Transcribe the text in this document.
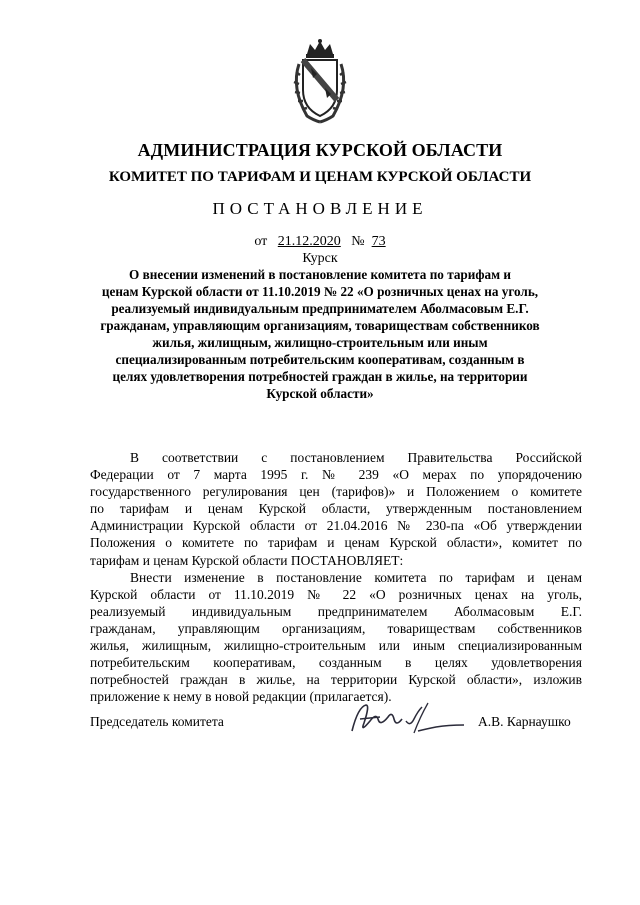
АДМИНИСТРАЦИЯ КУРСКОЙ ОБЛАСТИ
КОМИТЕТ ПО ТАРИФАМ И ЦЕНАМ КУРСКОЙ ОБЛАСТИ
ПОСТАНОВЛЕНИЕ
от 21.12.2020 № 73
Курск
О внесении изменений в постановление комитета по тарифам и
ценам Курской области от 11.10.2019 № 22 «О розничных ценах на уголь,
реализуемый индивидуальным предпринимателем Аболмасовым Е.Г.
гражданам, управляющим организациям, товариществам собственников
жилья, жилищным, жилищно-строительным или иным
специализированным потребительским кооперативам, созданным в
целях удовлетворения потребностей граждан в жилье, на территории
Курской области»
В соответствии с постановлением Правительства Российской
Федерации от 7 марта 1995 г. № 239 «О мерах по упорядочению
государственного регулирования цен (тарифов)» и Положением о комитете
по тарифам и ценам Курской области, утвержденным постановлением
Администрации Курской области от 21.04.2016 № 230-па «Об утверждении
Положения о комитете по тарифам и ценам Курской области», комитет по
тарифам и ценам Курской области ПОСТАНОВЛЯЕТ:
Внести изменение в постановление комитета по тарифам и ценам
Курской области от 11.10.2019 № 22 «О розничных ценах на уголь,
реализуемый индивидуальным предпринимателем Аболмасовым Е.Г.
гражданам, управляющим организациям, товариществам собственников
жилья, жилищным, жилищно-строительным или иным специализированным
потребительским кооперативам, созданным в целях удовлетворения
потребностей граждан в жилье, на территории Курской области», изложив
приложение к нему в новой редакции (прилагается).
Председатель комитета	А.В. Карнаушко
